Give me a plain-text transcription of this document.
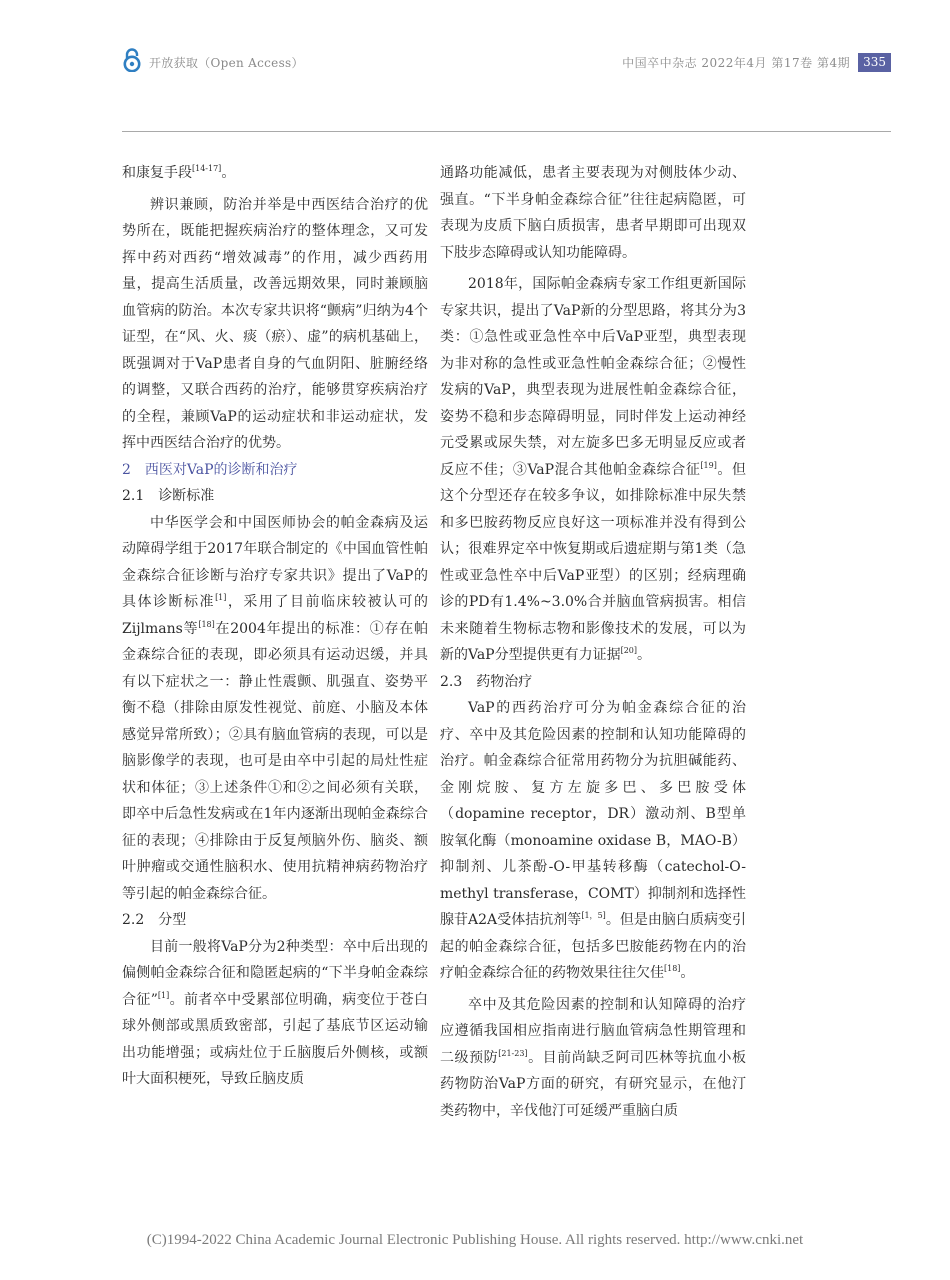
开放获取（Open Access）	中国卒中杂志 2022年4月 第17卷 第4期	335

和康复手段[14-17]。

辨识兼顾，防治并举是中西医结合治疗的优势所在，既能把握疾病治疗的整体理念，又可发挥中药对西药“增效减毒”的作用，减少西药用量，提高生活质量，改善远期效果，同时兼顾脑血管病的防治。本次专家共识将“颤病”归纳为4个证型，在“风、火、痰（瘀）、虚”的病机基础上，既强调对于VaP患者自身的气血阴阳、脏腑经络的调整，又联合西药的治疗，能够贯穿疾病治疗的全程，兼顾VaP的运动症状和非运动症状，发挥中西医结合治疗的优势。

2　西医对VaP的诊断和治疗

2.1　诊断标准

中华医学会和中国医师协会的帕金森病及运动障碍学组于2017年联合制定的《中国血管性帕金森综合征诊断与治疗专家共识》提出了VaP的具体诊断标准[1]，采用了目前临床较被认可的Zijlmans等[18]在2004年提出的标准：①存在帕金森综合征的表现，即必须具有运动迟缓，并具有以下症状之一：静止性震颤、肌强直、姿势平衡不稳（排除由原发性视觉、前庭、小脑及本体感觉异常所致）；②具有脑血管病的表现，可以是脑影像学的表现，也可是由卒中引起的局灶性症状和体征；③上述条件①和②之间必须有关联，即卒中后急性发病或在1年内逐渐出现帕金森综合征的表现；④排除由于反复颅脑外伤、脑炎、额叶肿瘤或交通性脑积水、使用抗精神病药物治疗等引起的帕金森综合征。

2.2　分型

目前一般将VaP分为2种类型：卒中后出现的偏侧帕金森综合征和隐匿起病的“下半身帕金森综合征”[1]。前者卒中受累部位明确，病变位于苍白球外侧部或黑质致密部，引起了基底节区运动输出功能增强；或病灶位于丘脑腹后外侧核，或额叶大面积梗死，导致丘脑皮质

通路功能减低，患者主要表现为对侧肢体少动、强直。“下半身帕金森综合征”往往起病隐匿，可表现为皮质下脑白质损害，患者早期即可出现双下肢步态障碍或认知功能障碍。

2018年，国际帕金森病专家工作组更新国际专家共识，提出了VaP新的分型思路，将其分为3类：①急性或亚急性卒中后VaP亚型，典型表现为非对称的急性或亚急性帕金森综合征；②慢性发病的VaP，典型表现为进展性帕金森综合征，姿势不稳和步态障碍明显，同时伴发上运动神经元受累或尿失禁，对左旋多巴多无明显反应或者反应不佳；③VaP混合其他帕金森综合征[19]。但这个分型还存在较多争议，如排除标准中尿失禁和多巴胺药物反应良好这一项标准并没有得到公认；很难界定卒中恢复期或后遗症期与第1类（急性或亚急性卒中后VaP亚型）的区别；经病理确诊的PD有1.4%~3.0%合并脑血管病损害。相信未来随着生物标志物和影像技术的发展，可以为新的VaP分型提供更有力证据[20]。

2.3　药物治疗

VaP的西药治疗可分为帕金森综合征的治疗、卒中及其危险因素的控制和认知功能障碍的治疗。帕金森综合征常用药物分为抗胆碱能药、金刚烷胺、复方左旋多巴、多巴胺受体（dopamine receptor，DR）激动剂、B型单胺氧化酶（monoamine oxidase B，MAO-B）抑制剂、儿茶酚-O-甲基转移酶（catechol-O-methyl transferase，COMT）抑制剂和选择性腺苷A2A受体拮抗剂等[1，5]。但是由脑白质病变引起的帕金森综合征，包括多巴胺能药物在内的治疗帕金森综合征的药物效果往往欠佳[18]。

卒中及其危险因素的控制和认知障碍的治疗应遵循我国相应指南进行脑血管病急性期管理和二级预防[21-23]。目前尚缺乏阿司匹林等抗血小板药物防治VaP方面的研究，有研究显示，在他汀类药物中，辛伐他汀可延缓严重脑白质

(C)1994-2022 China Academic Journal Electronic Publishing House. All rights reserved. http://www.cnki.net
